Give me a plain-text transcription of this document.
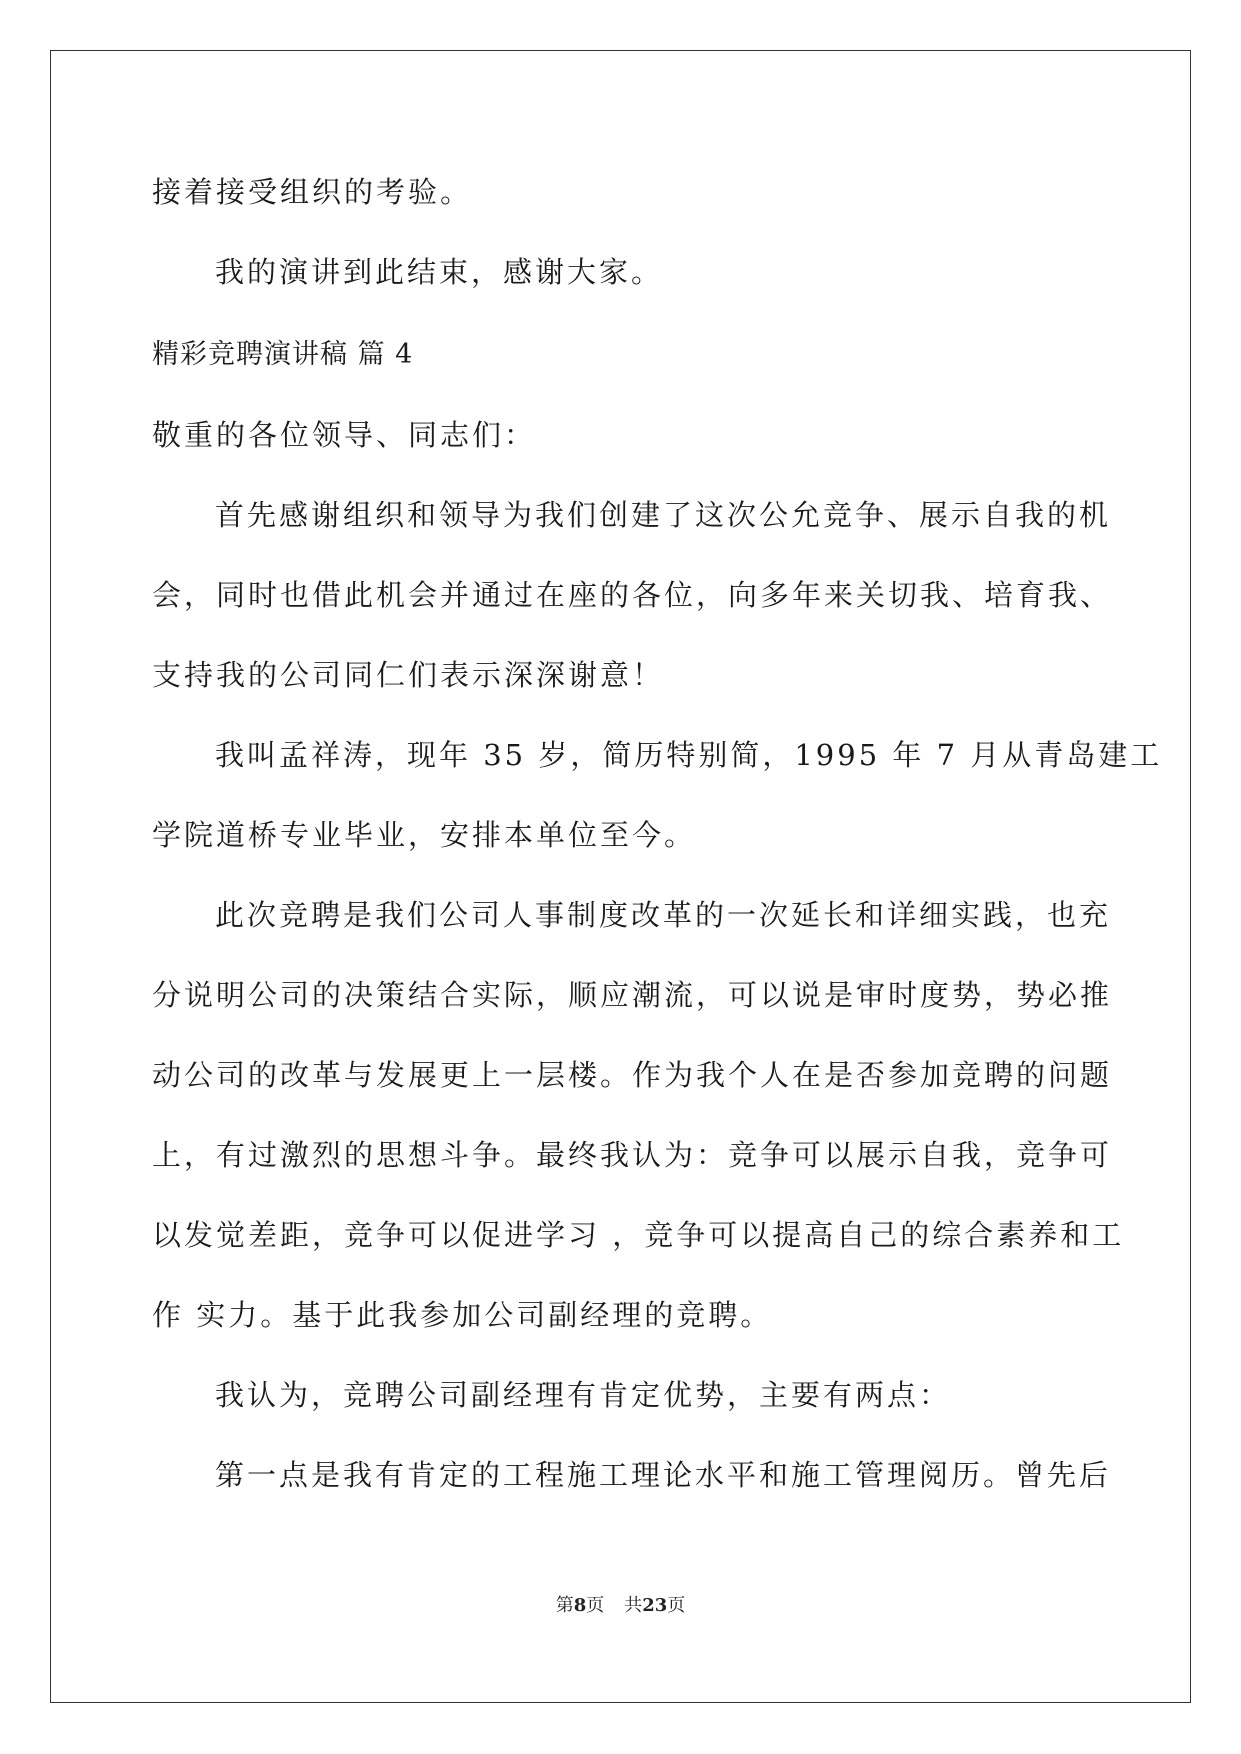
接着接受组织的考验。
我的演讲到此结束，感谢大家。
精彩竞聘演讲稿 篇 4
敬重的各位领导、同志们：
首先感谢组织和领导为我们创建了这次公允竞争、展示自我的机
会，同时也借此机会并通过在座的各位，向多年来关切我、培育我、
支持我的公司同仁们表示深深谢意！
我叫孟祥涛，现年 35 岁，简历特别简，1995 年 7 月从青岛建工
学院道桥专业毕业，安排本单位至今。
此次竞聘是我们公司人事制度改革的一次延长和详细实践，也充
分说明公司的决策结合实际，顺应潮流，可以说是审时度势，势必推
动公司的改革与发展更上一层楼。作为我个人在是否参加竞聘的问题
上，有过激烈的思想斗争。最终我认为：竞争可以展示自我，竞争可
以发觉差距，竞争可以促进学习 ，竞争可以提高自己的综合素养和工
作 实力。基于此我参加公司副经理的竞聘。
我认为，竞聘公司副经理有肯定优势，主要有两点：
第一点是我有肯定的工程施工理论水平和施工管理阅历。曾先后
第8页 共23页
